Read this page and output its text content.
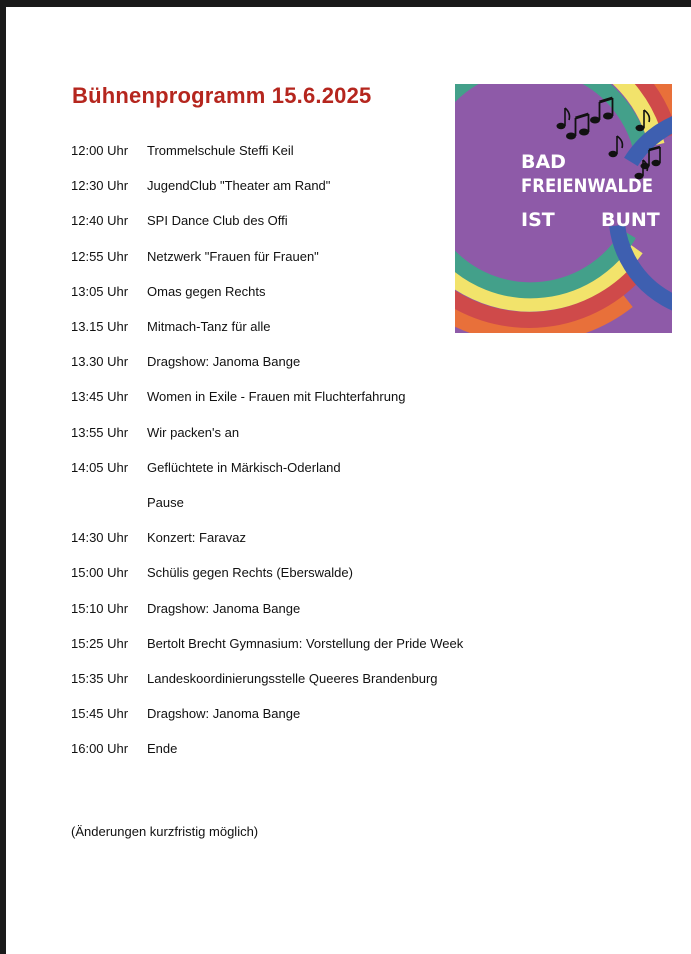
Bühnenprogramm 15.6.2025
12:00 Uhr	Trommelschule Steffi Keil
12:30 Uhr	JugendClub "Theater am Rand"
12:40 Uhr	SPI Dance Club des Offi
12:55 Uhr	Netzwerk "Frauen für Frauen"
13:05 Uhr	Omas gegen Rechts
13.15 Uhr	Mitmach-Tanz für alle
13.30 Uhr	Dragshow: Janoma Bange
13:45 Uhr	Women in Exile - Frauen mit Fluchterfahrung
13:55 Uhr	Wir packen's an
14:05 Uhr	Geflüchtete in Märkisch-Oderland
Pause
14:30 Uhr	Konzert: Faravaz
15:00 Uhr	Schülis gegen Rechts (Eberswalde)
15:10 Uhr	Dragshow: Janoma Bange
15:25 Uhr	Bertolt Brecht Gymnasium: Vorstellung der Pride Week
15:35 Uhr	Landeskoordinierungsstelle Queeres Brandenburg
15:45 Uhr	Dragshow: Janoma Bange
16:00 Uhr	Ende
(Änderungen kurzfristig möglich)
BAD
FREIENWALDE
IST BUNT
